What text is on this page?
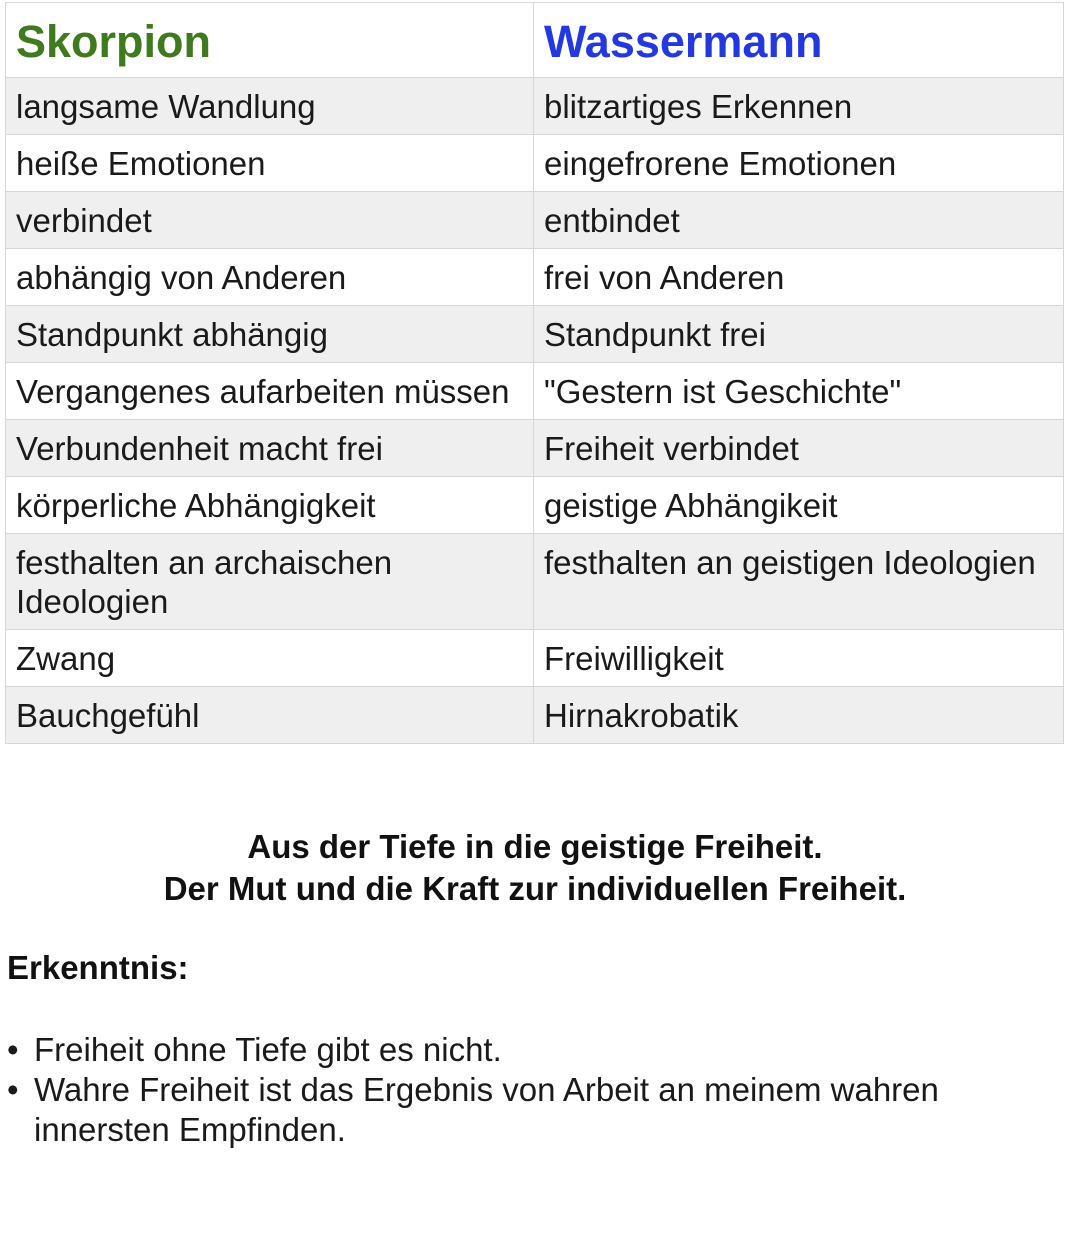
Skorpion	Wassermann
langsame Wandlung	blitzartiges Erkennen
heiße Emotionen	eingefrorene Emotionen
verbindet	entbindet
abhängig von Anderen	frei von Anderen
Standpunkt abhängig	Standpunkt frei
Vergangenes aufarbeiten müssen	"Gestern ist Geschichte"
Verbundenheit macht frei	Freiheit verbindet
körperliche Abhängigkeit	geistige Abhängikeit
festhalten an archaischen Ideologien	festhalten an geistigen Ideologien
Zwang	Freiwilligkeit
Bauchgefühl	Hirnakrobatik
Aus der Tiefe in die geistige Freiheit.
Der Mut und die Kraft zur individuellen Freiheit.
Erkenntnis:
• Freiheit ohne Tiefe gibt es nicht.
• Wahre Freiheit ist das Ergebnis von Arbeit an meinem wahren innersten Empfinden.
